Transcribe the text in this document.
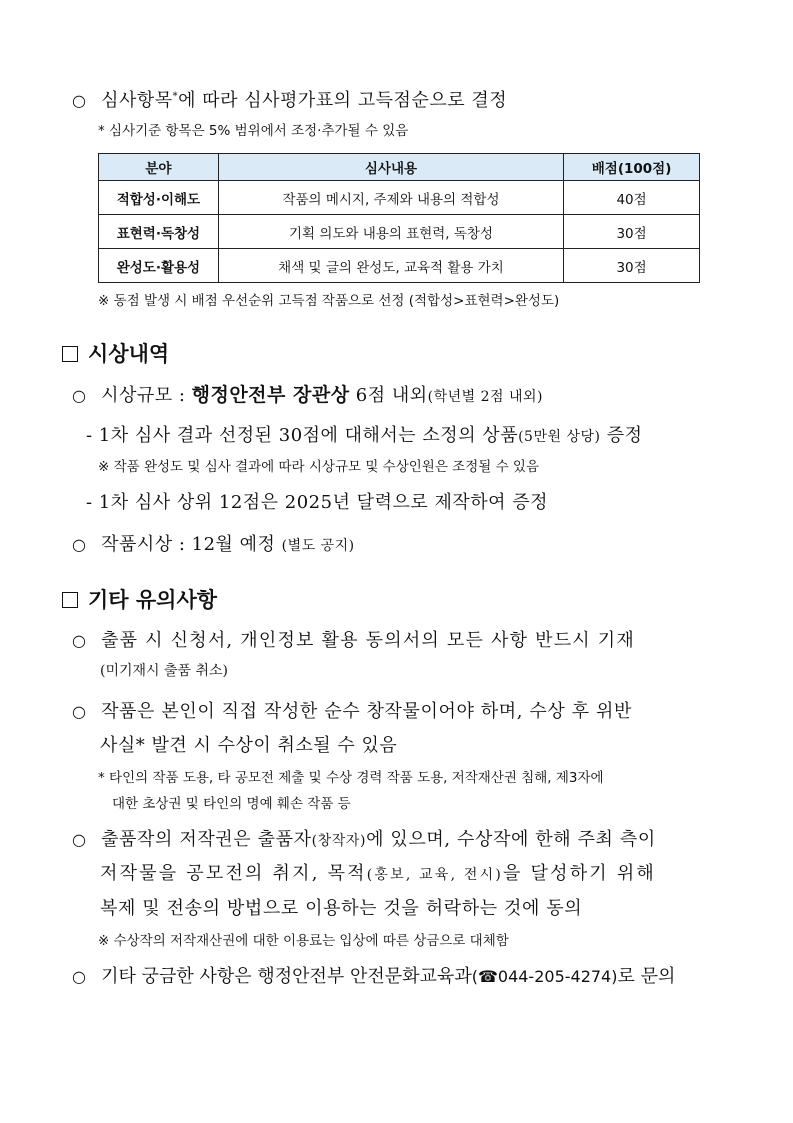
○ 심사항목*에 따라 심사평가표의 고득점순으로 결정
* 심사기준 항목은 5% 범위에서 조정·추가될 수 있음
분야	심사내용	배점(100점)
적합성·이해도	작품의 메시지, 주제와 내용의 적합성	40점
표현력·독창성	기획 의도와 내용의 표현력, 독창성	30점
완성도·활용성	채색 및 글의 완성도, 교육적 활용 가치	30점
※ 동점 발생 시 배점 우선순위 고득점 작품으로 선정 (적합성>표현력>완성도)
시상내역
○ 시상규모 : 행정안전부 장관상 6점 내외(학년별 2점 내외)
- 1차 심사 결과 선정된 30점에 대해서는 소정의 상품(5만원 상당) 증정
※ 작품 완성도 및 심사 결과에 따라 시상규모 및 수상인원은 조정될 수 있음
- 1차 심사 상위 12점은 2025년 달력으로 제작하여 증정
○ 작품시상 : 12월 예정 (별도 공지)
기타 유의사항
○ 출품 시 신청서, 개인정보 활용 동의서의 모든 사항 반드시 기재
(미기재시 출품 취소)
○ 작품은 본인이 직접 작성한 순수 창작물이어야 하며, 수상 후 위반
사실* 발견 시 수상이 취소될 수 있음
* 타인의 작품 도용, 타 공모전 제출 및 수상 경력 작품 도용, 저작재산권 침해, 제3자에
대한 초상권 및 타인의 명예 훼손 작품 등
○ 출품작의 저작권은 출품자(창작자)에 있으며, 수상작에 한해 주최 측이
저작물을 공모전의 취지, 목적(홍보, 교육, 전시)을 달성하기 위해
복제 및 전송의 방법으로 이용하는 것을 허락하는 것에 동의
※ 수상작의 저작재산권에 대한 이용료는 입상에 따른 상금으로 대체함
○ 기타 궁금한 사항은 행정안전부 안전문화교육과(☎044-205-4274)로 문의
